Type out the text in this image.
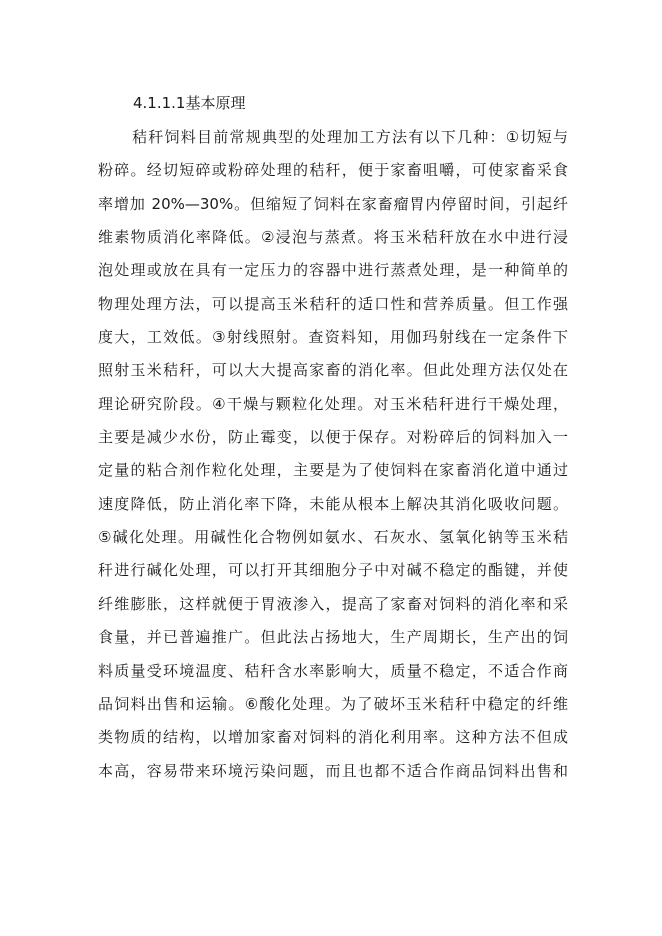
4.1.1.1基本原理
秸秆饲料目前常规典型的处理加工方法有以下几种：①切短与
粉碎。经切短碎或粉碎处理的秸秆，便于家畜咀嚼，可使家畜采食
率增加 20%—30%。但缩短了饲料在家畜瘤胃内停留时间，引起纤
维素物质消化率降低。②浸泡与蒸煮。将玉米秸秆放在水中进行浸
泡处理或放在具有一定压力的容器中进行蒸煮处理，是一种简单的
物理处理方法，可以提高玉米秸秆的适口性和营养质量。但工作强
度大，工效低。③射线照射。查资料知，用伽玛射线在一定条件下
照射玉米秸秆，可以大大提高家畜的消化率。但此处理方法仅处在
理论研究阶段。④干燥与颗粒化处理。对玉米秸秆进行干燥处理，
主要是减少水份，防止霉变，以便于保存。对粉碎后的饲料加入一
定量的粘合剂作粒化处理，主要是为了使饲料在家畜消化道中通过
速度降低，防止消化率下降，未能从根本上解决其消化吸收问题。
⑤碱化处理。用碱性化合物例如氨水、石灰水、氢氧化钠等玉米秸
秆进行碱化处理，可以打开其细胞分子中对碱不稳定的酯键，并使
纤维膨胀，这样就便于胃液渗入，提高了家畜对饲料的消化率和采
食量，并已普遍推广。但此法占扬地大，生产周期长，生产出的饲
料质量受环境温度、秸秆含水率影响大，质量不稳定，不适合作商
品饲料出售和运输。⑥酸化处理。为了破坏玉米秸秆中稳定的纤维
类物质的结构，以增加家畜对饲料的消化利用率。这种方法不但成
本高，容易带来环境污染问题，而且也都不适合作商品饲料出售和
